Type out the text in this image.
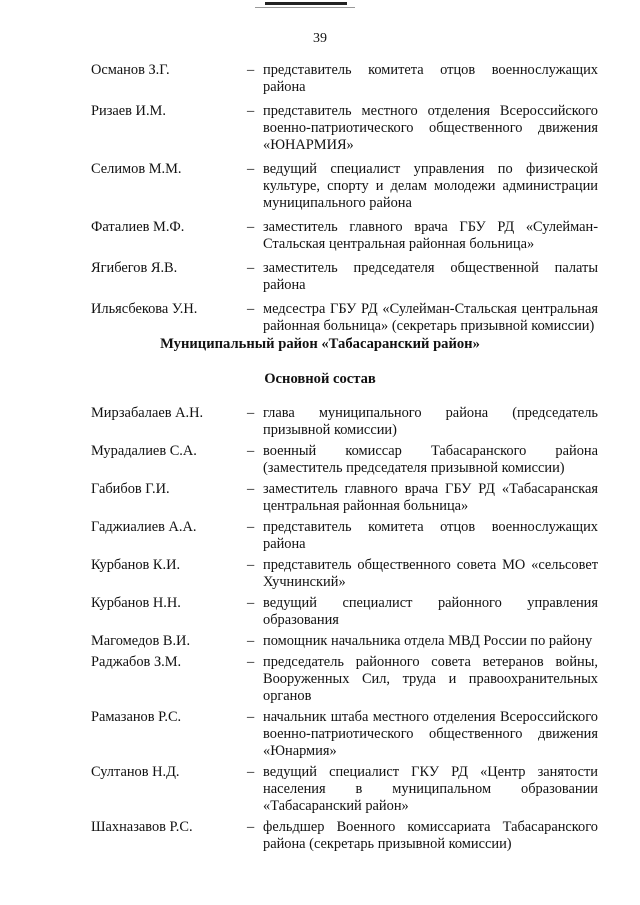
39
Османов З.Г.	– представитель комитета отцов военнослужащих района
Ризаев И.М.	– представитель местного отделения Всероссийского военно-патриотического общественного движения «ЮНАРМИЯ»
Селимов М.М.	– ведущий специалист управления по физической культуре, спорту и делам молодежи администрации муниципального района
Фаталиев М.Ф.	– заместитель главного врача ГБУ РД «Сулейман-Стальская центральная районная больница»
Ягибегов Я.В.	– заместитель председателя общественной палаты района
Ильясбекова У.Н.	– медсестра ГБУ РД «Сулейман-Стальская центральная районная больница» (секретарь призывной комиссии)
Муниципальный район «Табасаранский район»
Основной состав
Мирзабалаев А.Н.	– глава муниципального района (председатель призывной комиссии)
Мурадалиев С.А.	– военный комиссар Табасаранского района (заместитель председателя призывной комиссии)
Габибов Г.И.	– заместитель главного врача ГБУ РД «Табасаранская центральная районная больница»
Гаджиалиев А.А.	– представитель комитета отцов военнослужащих района
Курбанов К.И.	– представитель общественного совета МО «сельсовет Хучнинский»
Курбанов Н.Н.	– ведущий специалист районного управления образования
Магомедов В.И.	– помощник начальника отдела МВД России по району
Раджабов З.М.	– председатель районного совета ветеранов войны, Вооруженных Сил, труда и правоохранительных органов
Рамазанов Р.С.	– начальник штаба местного отделения Всероссийского военно-патриотического общественного движения «Юнармия»
Султанов Н.Д.	– ведущий специалист ГКУ РД «Центр занятости населения в муниципальном образовании «Табасаранский район»
Шахназавов Р.С.	– фельдшер Военного комиссариата Табасаранского района (секретарь призывной комиссии)
